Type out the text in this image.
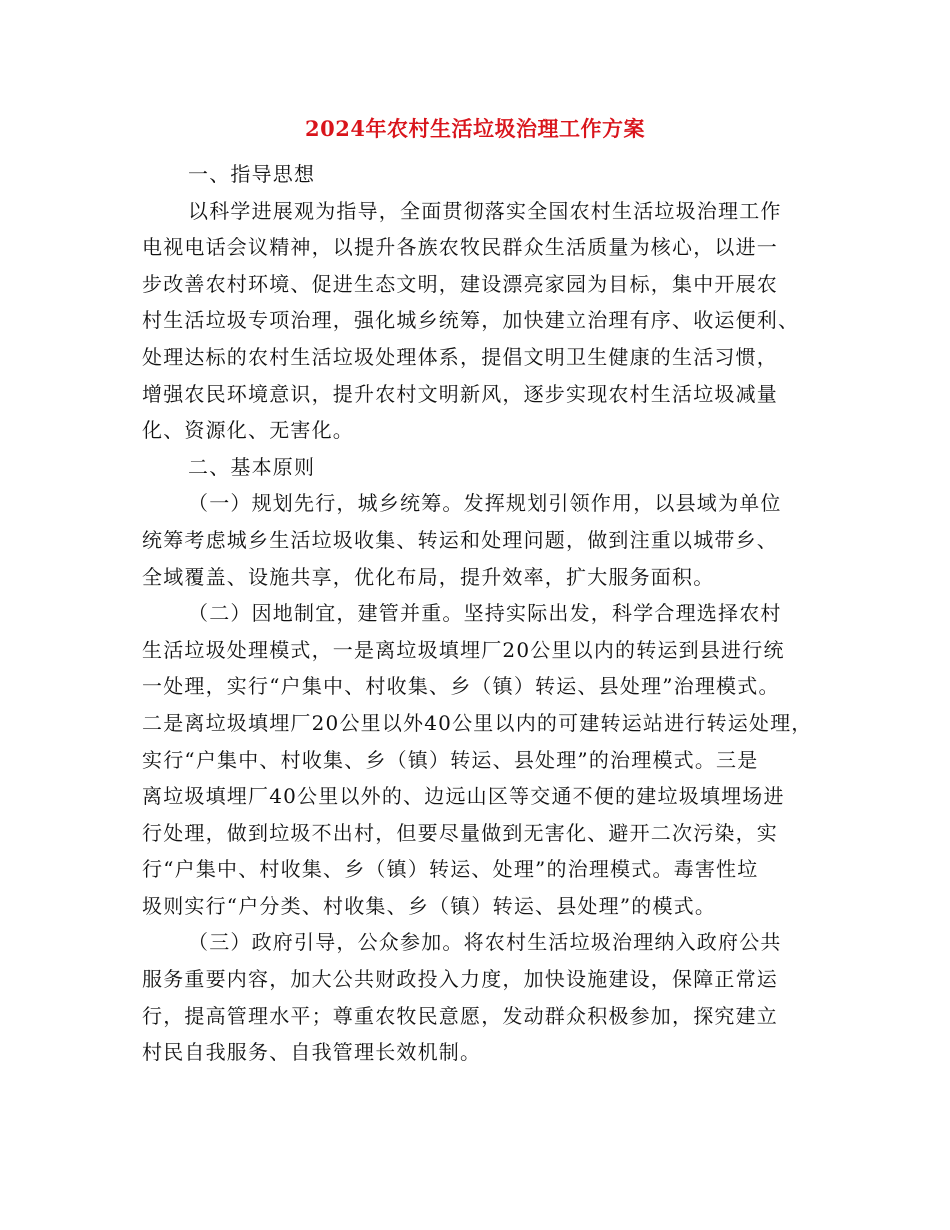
2024年农村生活垃圾治理工作方案
一、指导思想
以科学进展观为指导，全面贯彻落实全国农村生活垃圾治理工作
电视电话会议精神，以提升各族农牧民群众生活质量为核心，以进一
步改善农村环境、促进生态文明，建设漂亮家园为目标，集中开展农
村生活垃圾专项治理，强化城乡统筹，加快建立治理有序、收运便利、
处理达标的农村生活垃圾处理体系，提倡文明卫生健康的生活习惯，
增强农民环境意识，提升农村文明新风，逐步实现农村生活垃圾减量
化、资源化、无害化。
二、基本原则
（一）规划先行，城乡统筹。发挥规划引领作用，以县域为单位
统筹考虑城乡生活垃圾收集、转运和处理问题，做到注重以城带乡、
全域覆盖、设施共享，优化布局，提升效率，扩大服务面积。
（二）因地制宜，建管并重。坚持实际出发，科学合理选择农村
生活垃圾处理模式，一是离垃圾填埋厂20公里以内的转运到县进行统
一处理，实行“户集中、村收集、乡（镇）转运、县处理”治理模式。
二是离垃圾填埋厂20公里以外40公里以内的可建转运站进行转运处理，
实行“户集中、村收集、乡（镇）转运、县处理”的治理模式。三是
离垃圾填埋厂40公里以外的、边远山区等交通不便的建垃圾填埋场进
行处理，做到垃圾不出村，但要尽量做到无害化、避开二次污染，实
行“户集中、村收集、乡（镇）转运、处理”的治理模式。毒害性垃
圾则实行“户分类、村收集、乡（镇）转运、县处理”的模式。
（三）政府引导，公众参加。将农村生活垃圾治理纳入政府公共
服务重要内容，加大公共财政投入力度，加快设施建设，保障正常运
行，提高管理水平；尊重农牧民意愿，发动群众积极参加，探究建立
村民自我服务、自我管理长效机制。
